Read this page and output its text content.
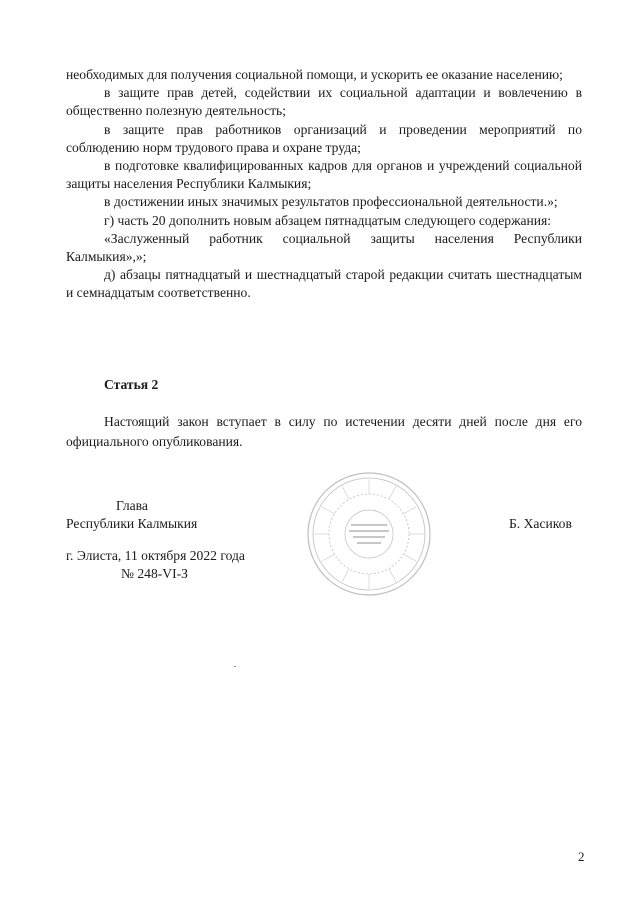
необходимых для получения социальной помощи, и ускорить ее оказание населению;

в защите прав детей, содействии их социальной адаптации и вовлечению в общественно полезную деятельность;

в защите прав работников организаций и проведении мероприятий по соблюдению норм трудового права и охране труда;

в подготовке квалифицированных кадров для органов и учреждений социальной защиты населения Республики Калмыкия;

в достижении иных значимых результатов профессиональной деятельности.»;

г) часть 20 дополнить новым абзацем пятнадцатым следующего содержания:

«Заслуженный работник социальной защиты населения Республики Калмыкия»,»;

д) абзацы пятнадцатый и шестнадцатый старой редакции считать шестнадцатым и семнадцатым соответственно.

Статья 2

Настоящий закон вступает в силу по истечении десяти дней после дня его официального опубликования.

Глава
Республики Калмыкия	Б. Хасиков
г. Элиста, 11 октября 2022 года
№ 248-VI-З
2
